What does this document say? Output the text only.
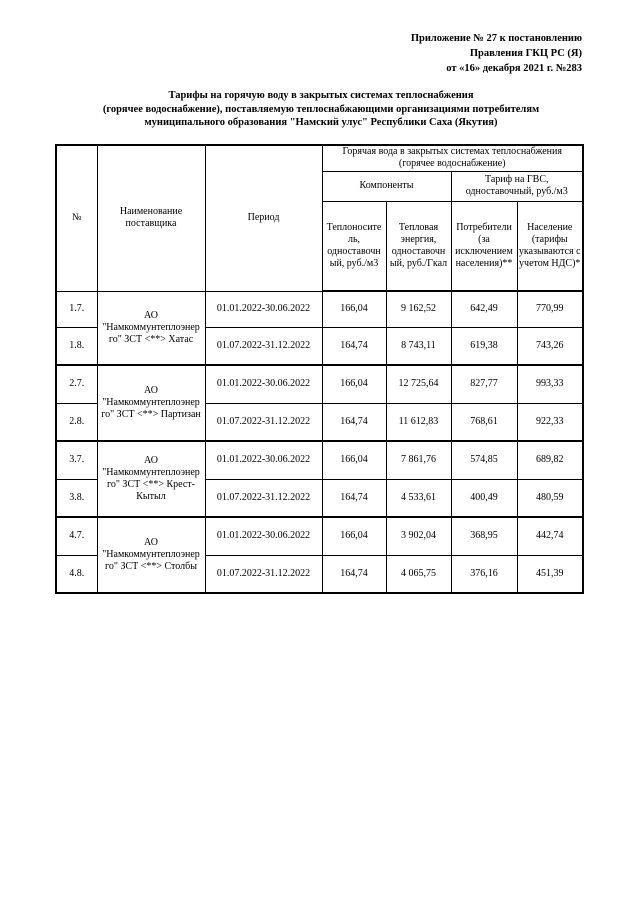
Приложение № 27 к постановлению
Правления ГКЦ РС (Я)
от «16» декабря 2021 г. №283
Тарифы на горячую воду в закрытых системах теплоснабжения
(горячее водоснабжение), поставляемую теплоснабжающими организациями потребителям
муниципального образования "Намский улус" Республики Саха (Якутия)
№	Наименование поставщика	Период	Горячая вода в закрытых системах теплоснабжения (горячее водоснабжение)			
			Компоненты		Тариф на ГВС, одноставочный, руб./м3	
			Теплоносите ль, одноставочн ый, руб./м3	Тепловая энергия, одноставочн ый, руб./Гкал	Потребители (за исключением населения)**	Население (тарифы указываются с учетом НДС)*
1.7.	АО "Намкоммунтеплоэнер го" ЗСТ <**> Хатас	01.01.2022-30.06.2022	166,04	9 162,52	642,49	770,99
1.8.		01.07.2022-31.12.2022	164,74	8 743,11	619,38	743,26
2.7.	АО "Намкоммунтеплоэнер го" ЗСТ <**> Партизан	01.01.2022-30.06.2022	166,04	12 725,64	827,77	993,33
2.8.		01.07.2022-31.12.2022	164,74	11 612,83	768,61	922,33
3.7.	АО "Намкоммунтеплоэнер го" ЗСТ <**> Крест-Кытыл	01.01.2022-30.06.2022	166,04	7 861,76	574,85	689,82
3.8.		01.07.2022-31.12.2022	164,74	4 533,61	400,49	480,59
4.7.	АО "Намкоммунтеплоэнер го" ЗСТ <**> Столбы	01.01.2022-30.06.2022	166,04	3 902,04	368,95	442,74
4.8.		01.07.2022-31.12.2022	164,74	4 065,75	376,16	451,39
